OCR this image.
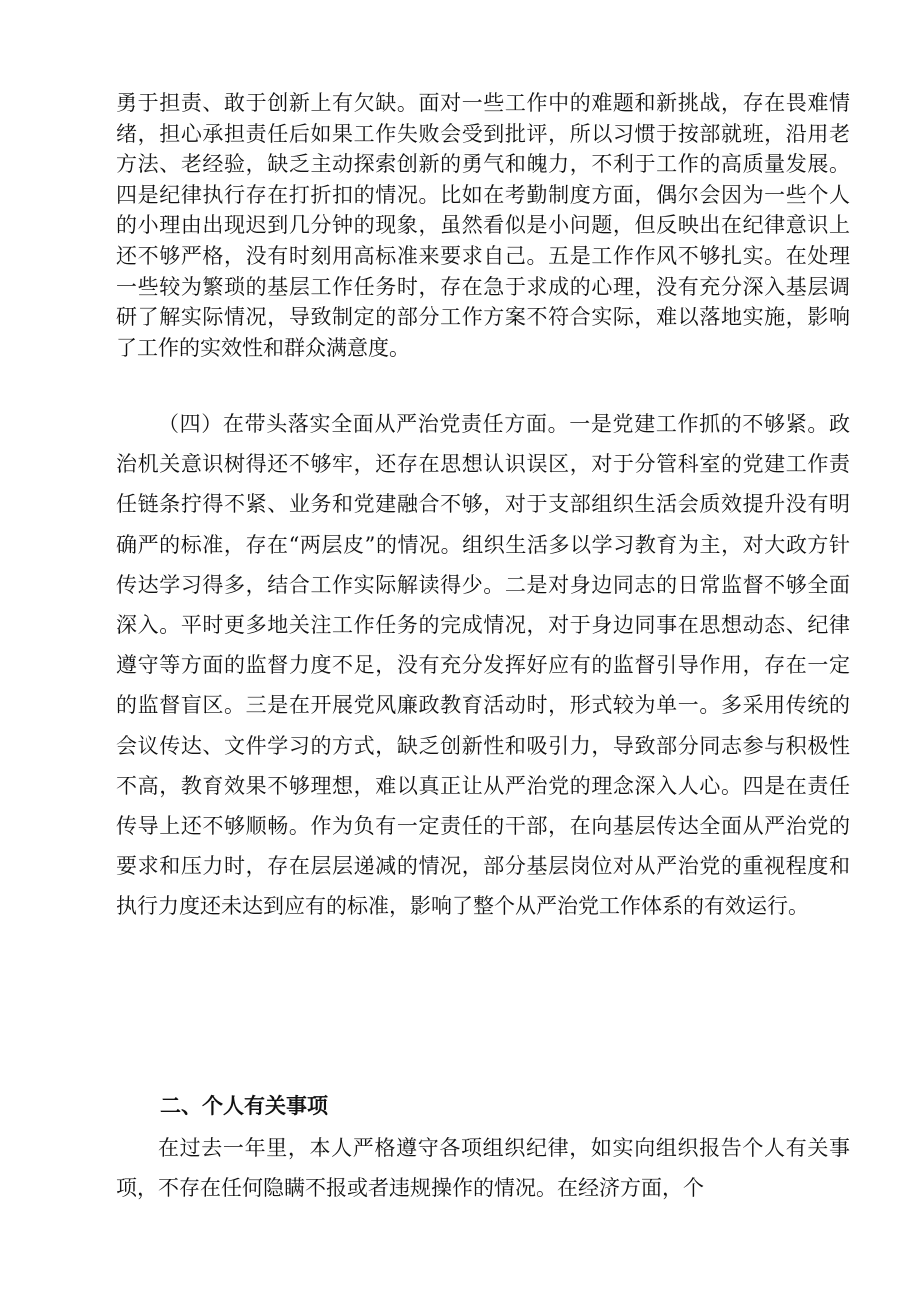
勇于担责、敢于创新上有欠缺。面对一些工作中的难题和新挑战，存在畏难情绪，担心承担责任后如果工作失败会受到批评，所以习惯于按部就班，沿用老方法、老经验，缺乏主动探索创新的勇气和魄力，不利于工作的高质量发展。四是纪律执行存在打折扣的情况。比如在考勤制度方面，偶尔会因为一些个人的小理由出现迟到几分钟的现象，虽然看似是小问题，但反映出在纪律意识上还不够严格，没有时刻用高标准来要求自己。五是工作作风不够扎实。在处理一些较为繁琐的基层工作任务时，存在急于求成的心理，没有充分深入基层调研了解实际情况，导致制定的部分工作方案不符合实际，难以落地实施，影响了工作的实效性和群众满意度。

（四）在带头落实全面从严治党责任方面。一是党建工作抓的不够紧。政治机关意识树得还不够牢，还存在思想认识误区，对于分管科室的党建工作责任链条拧得不紧、业务和党建融合不够，对于支部组织生活会质效提升没有明确严的标准，存在“两层皮”的情况。组织生活多以学习教育为主，对大政方针传达学习得多，结合工作实际解读得少。二是对身边同志的日常监督不够全面深入。平时更多地关注工作任务的完成情况，对于身边同事在思想动态、纪律遵守等方面的监督力度不足，没有充分发挥好应有的监督引导作用，存在一定的监督盲区。三是在开展党风廉政教育活动时，形式较为单一。多采用传统的会议传达、文件学习的方式，缺乏创新性和吸引力，导致部分同志参与积极性不高，教育效果不够理想，难以真正让从严治党的理念深入人心。四是在责任传导上还不够顺畅。作为负有一定责任的干部，在向基层传达全面从严治党的要求和压力时，存在层层递减的情况，部分基层岗位对从严治党的重视程度和执行力度还未达到应有的标准，影响了整个从严治党工作体系的有效运行。

二、个人有关事项

在过去一年里，本人严格遵守各项组织纪律，如实向组织报告个人有关事项，不存在任何隐瞒不报或者违规操作的情况。在经济方面，个
